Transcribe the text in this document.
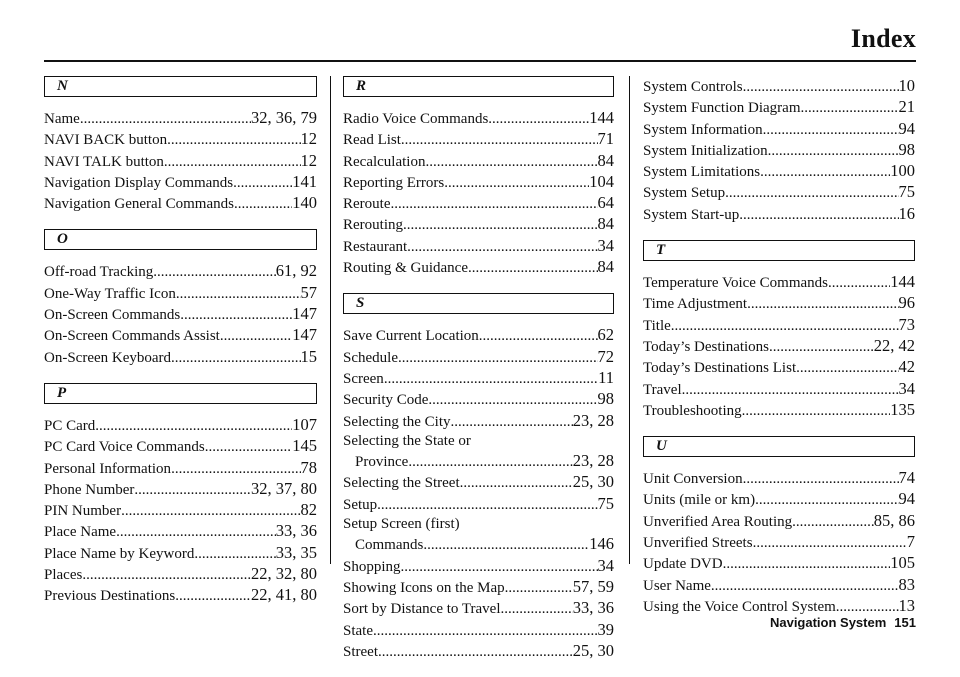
Index
N
Name .....	32, 36, 79
NAVI BACK button .....	12
NAVI TALK button .....	12
Navigation Display Commands .....	141
Navigation General Commands .....	140
O
Off-road Tracking .....	61, 92
One-Way Traffic Icon .....	57
On-Screen Commands .....	147
On-Screen Commands Assist .....	147
On-Screen Keyboard .....	15
P
PC Card .....	107
PC Card Voice Commands .....	145
Personal Information .....	78
Phone Number .....	32, 37, 80
PIN Number .....	82
Place Name .....	33, 36
Place Name by Keyword .....	33, 35
Places .....	22, 32, 80
Previous Destinations .....	22, 41, 80
R
Radio Voice Commands .....	144
Read List .....	71
Recalculation .....	84
Reporting Errors .....	104
Reroute .....	64
Rerouting .....	84
Restaurant .....	34
Routing & Guidance .....	84
S
Save Current Location .....	62
Schedule .....	72
Screen .....	11
Security Code .....	98
Selecting the City .....	23, 28
Selecting the State or
Province .....	23, 28
Selecting the Street .....	25, 30
Setup .....	75
Setup Screen (first)
Commands .....	146
Shopping .....	34
Showing Icons on the Map .....	57, 59
Sort by Distance to Travel .....	33, 36
State .....	39
Street .....	25, 30
System Controls .....	10
System Function Diagram .....	21
System Information .....	94
System Initialization .....	98
System Limitations .....	100
System Setup .....	75
System Start-up .....	16
T
Temperature Voice Commands .....	144
Time Adjustment .....	96
Title .....	73
Today’s Destinations .....	22, 42
Today’s Destinations List .....	42
Travel .....	34
Troubleshooting .....	135
U
Unit Conversion .....	74
Units (mile or km) .....	94
Unverified Area Routing .....	85, 86
Unverified Streets .....	7
Update DVD .....	105
User Name .....	83
Using the Voice Control System .....	13
Navigation System 151
